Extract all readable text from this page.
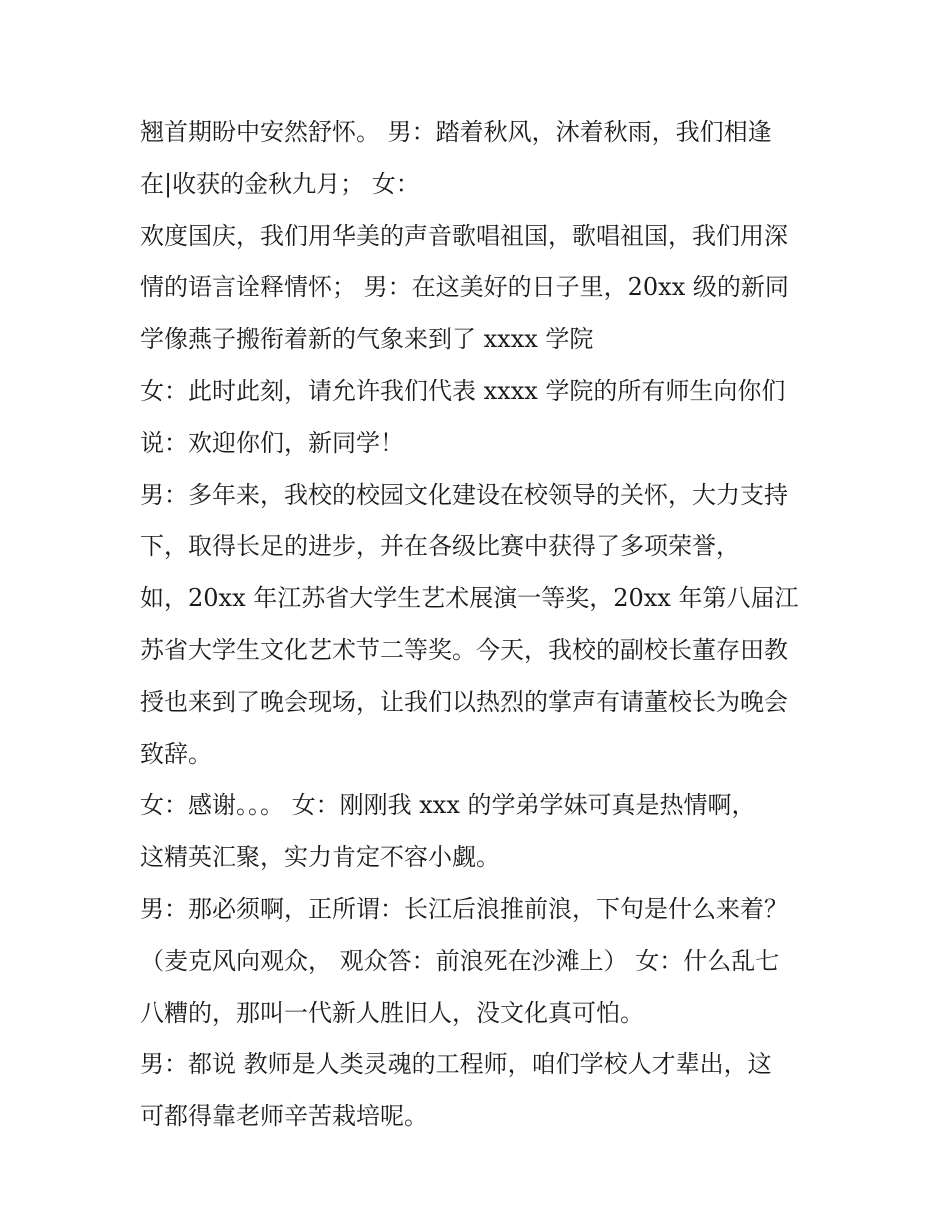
翘首期盼中安然舒怀。 男：踏着秋风，沐着秋雨，我们相逢
在|收获的金秋九月； 女：
欢度国庆，我们用华美的声音歌唱祖国，歌唱祖国，我们用深
情的语言诠释情怀； 男：在这美好的日子里，20xx 级的新同
学像燕子搬衔着新的气象来到了 xxxx 学院
女：此时此刻，请允许我们代表 xxxx 学院的所有师生向你们
说：欢迎你们，新同学！
男：多年来，我校的校园文化建设在校领导的关怀，大力支持
下，取得长足的进步，并在各级比赛中获得了多项荣誉，
如，20xx 年江苏省大学生艺术展演一等奖，20xx 年第八届江
苏省大学生文化艺术节二等奖。今天，我校的副校长董存田教
授也来到了晚会现场，让我们以热烈的掌声有请董校长为晚会
致辞。
女：感谢。。。 女：刚刚我 xxx 的学弟学妹可真是热情啊，
这精英汇聚，实力肯定不容小觑。
男：那必须啊，正所谓：长江后浪推前浪，下句是什么来着？
（麦克风向观众， 观众答：前浪死在沙滩上） 女：什么乱七
八糟的，那叫一代新人胜旧人，没文化真可怕。
男：都说 教师是人类灵魂的工程师，咱们学校人才辈出，这
可都得靠老师辛苦栽培呢。
